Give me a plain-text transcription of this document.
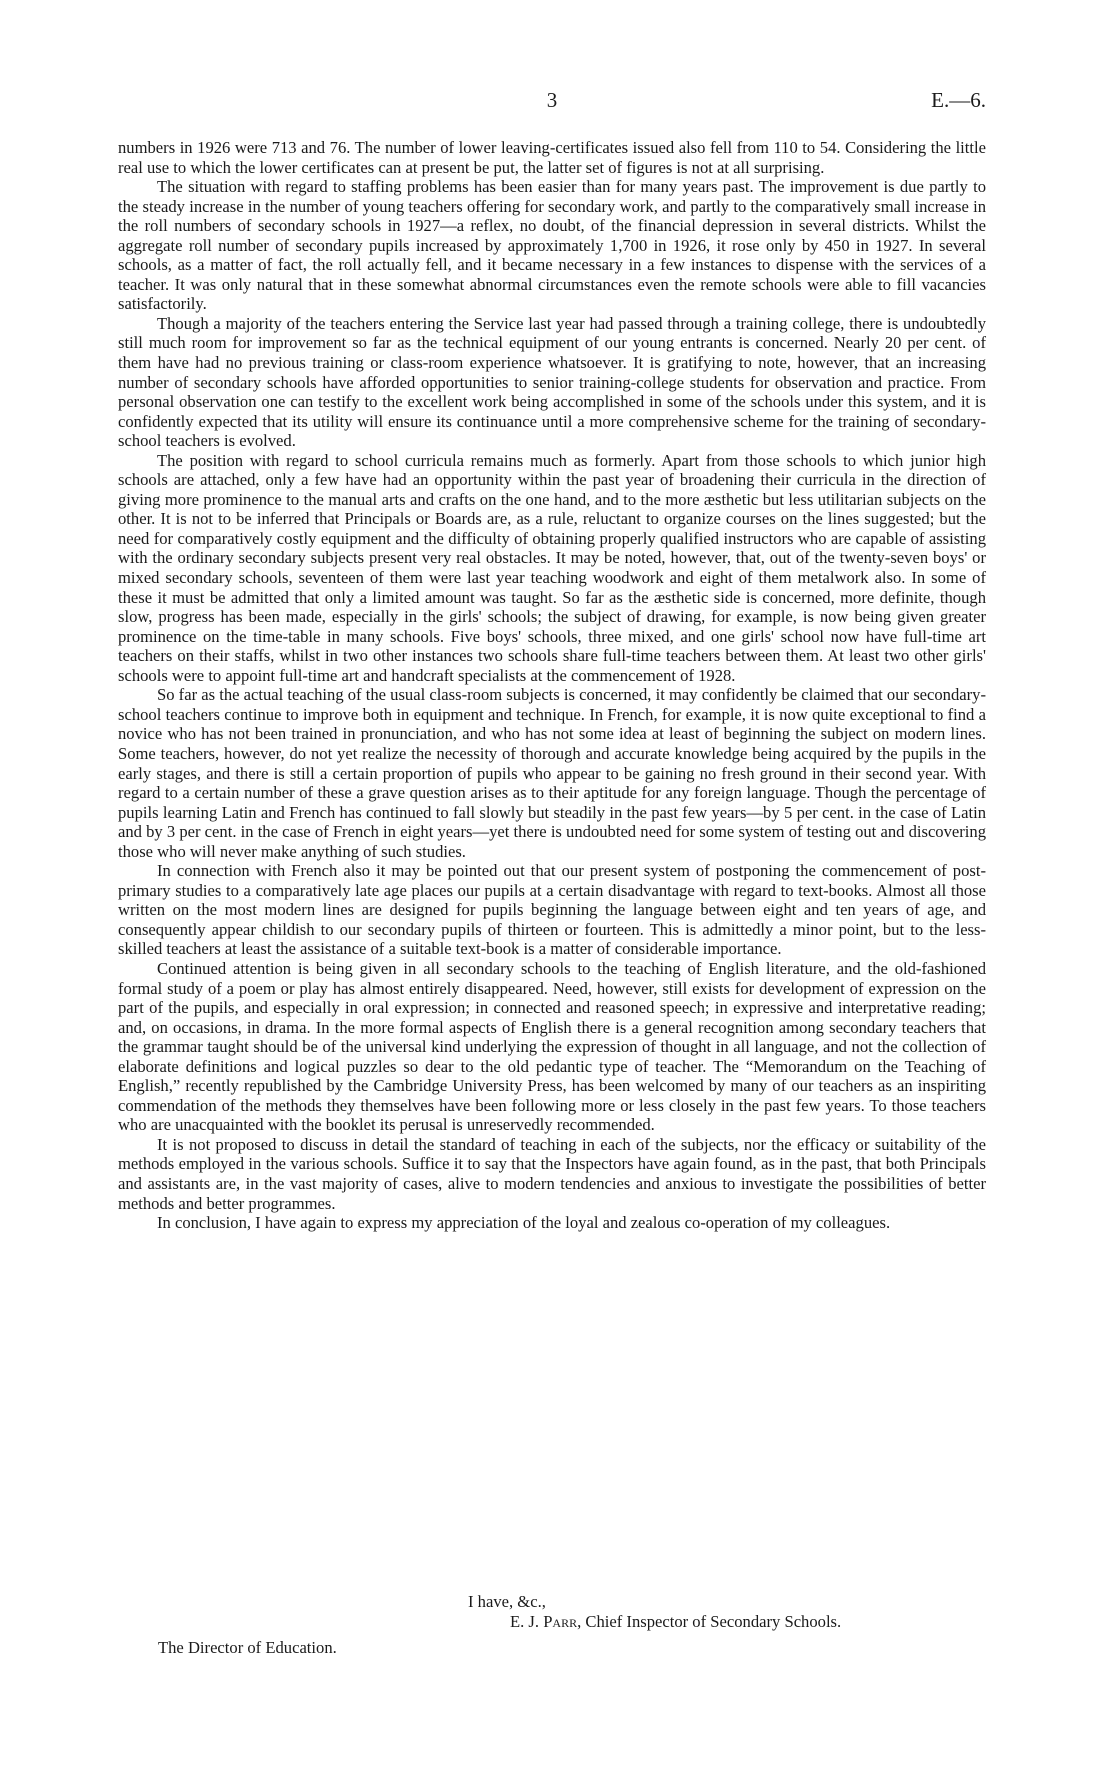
3	E.—6.

numbers in 1926 were 713 and 76. The number of lower leaving-certificates issued also fell from 110 to 54. Considering the little real use to which the lower certificates can at present be put, the latter set of figures is not at all surprising.

The situation with regard to staffing problems has been easier than for many years past. The improvement is due partly to the steady increase in the number of young teachers offering for secondary work, and partly to the comparatively small increase in the roll numbers of secondary schools in 1927—a reflex, no doubt, of the financial depression in several districts. Whilst the aggregate roll number of secondary pupils increased by approximately 1,700 in 1926, it rose only by 450 in 1927. In several schools, as a matter of fact, the roll actually fell, and it became necessary in a few instances to dispense with the services of a teacher. It was only natural that in these somewhat abnormal circumstances even the remote schools were able to fill vacancies satisfactorily.

Though a majority of the teachers entering the Service last year had passed through a training college, there is undoubtedly still much room for improvement so far as the technical equipment of our young entrants is concerned. Nearly 20 per cent. of them have had no previous training or class-room experience whatsoever. It is gratifying to note, however, that an increasing number of secondary schools have afforded opportunities to senior training-college students for observation and practice. From personal observation one can testify to the excellent work being accomplished in some of the schools under this system, and it is confidently expected that its utility will ensure its continuance until a more comprehensive scheme for the training of secondary-school teachers is evolved.

The position with regard to school curricula remains much as formerly. Apart from those schools to which junior high schools are attached, only a few have had an opportunity within the past year of broadening their curricula in the direction of giving more prominence to the manual arts and crafts on the one hand, and to the more æsthetic but less utilitarian subjects on the other. It is not to be inferred that Principals or Boards are, as a rule, reluctant to organize courses on the lines suggested; but the need for comparatively costly equipment and the difficulty of obtaining properly qualified instructors who are capable of assisting with the ordinary secondary subjects present very real obstacles. It may be noted, however, that, out of the twenty-seven boys' or mixed secondary schools, seventeen of them were last year teaching woodwork and eight of them metalwork also. In some of these it must be admitted that only a limited amount was taught. So far as the æsthetic side is concerned, more definite, though slow, progress has been made, especially in the girls' schools; the subject of drawing, for example, is now being given greater prominence on the time-table in many schools. Five boys' schools, three mixed, and one girls' school now have full-time art teachers on their staffs, whilst in two other instances two schools share full-time teachers between them. At least two other girls' schools were to appoint full-time art and handcraft specialists at the commencement of 1928.

So far as the actual teaching of the usual class-room subjects is concerned, it may confidently be claimed that our secondary-school teachers continue to improve both in equipment and technique. In French, for example, it is now quite exceptional to find a novice who has not been trained in pronunciation, and who has not some idea at least of beginning the subject on modern lines. Some teachers, however, do not yet realize the necessity of thorough and accurate knowledge being acquired by the pupils in the early stages, and there is still a certain proportion of pupils who appear to be gaining no fresh ground in their second year. With regard to a certain number of these a grave question arises as to their aptitude for any foreign language. Though the percentage of pupils learning Latin and French has continued to fall slowly but steadily in the past few years—by 5 per cent. in the case of Latin and by 3 per cent. in the case of French in eight years—yet there is undoubted need for some system of testing out and discovering those who will never make anything of such studies.

In connection with French also it may be pointed out that our present system of postponing the commencement of post-primary studies to a comparatively late age places our pupils at a certain disadvantage with regard to text-books. Almost all those written on the most modern lines are designed for pupils beginning the language between eight and ten years of age, and consequently appear childish to our secondary pupils of thirteen or fourteen. This is admittedly a minor point, but to the less-skilled teachers at least the assistance of a suitable text-book is a matter of considerable importance.

Continued attention is being given in all secondary schools to the teaching of English literature, and the old-fashioned formal study of a poem or play has almost entirely disappeared. Need, however, still exists for development of expression on the part of the pupils, and especially in oral expression; in connected and reasoned speech; in expressive and interpretative reading; and, on occasions, in drama. In the more formal aspects of English there is a general recognition among secondary teachers that the grammar taught should be of the universal kind underlying the expression of thought in all language, and not the collection of elaborate definitions and logical puzzles so dear to the old pedantic type of teacher. The “Memorandum on the Teaching of English,” recently republished by the Cambridge University Press, has been welcomed by many of our teachers as an inspiriting commendation of the methods they themselves have been following more or less closely in the past few years. To those teachers who are unacquainted with the booklet its perusal is unreservedly recommended.

It is not proposed to discuss in detail the standard of teaching in each of the subjects, nor the efficacy or suitability of the methods employed in the various schools. Suffice it to say that the Inspectors have again found, as in the past, that both Principals and assistants are, in the vast majority of cases, alive to modern tendencies and anxious to investigate the possibilities of better methods and better programmes.

In conclusion, I have again to express my appreciation of the loyal and zealous co-operation of my colleagues.

I have, &c.,
E. J. Parr, Chief Inspector of Secondary Schools.
The Director of Education.
